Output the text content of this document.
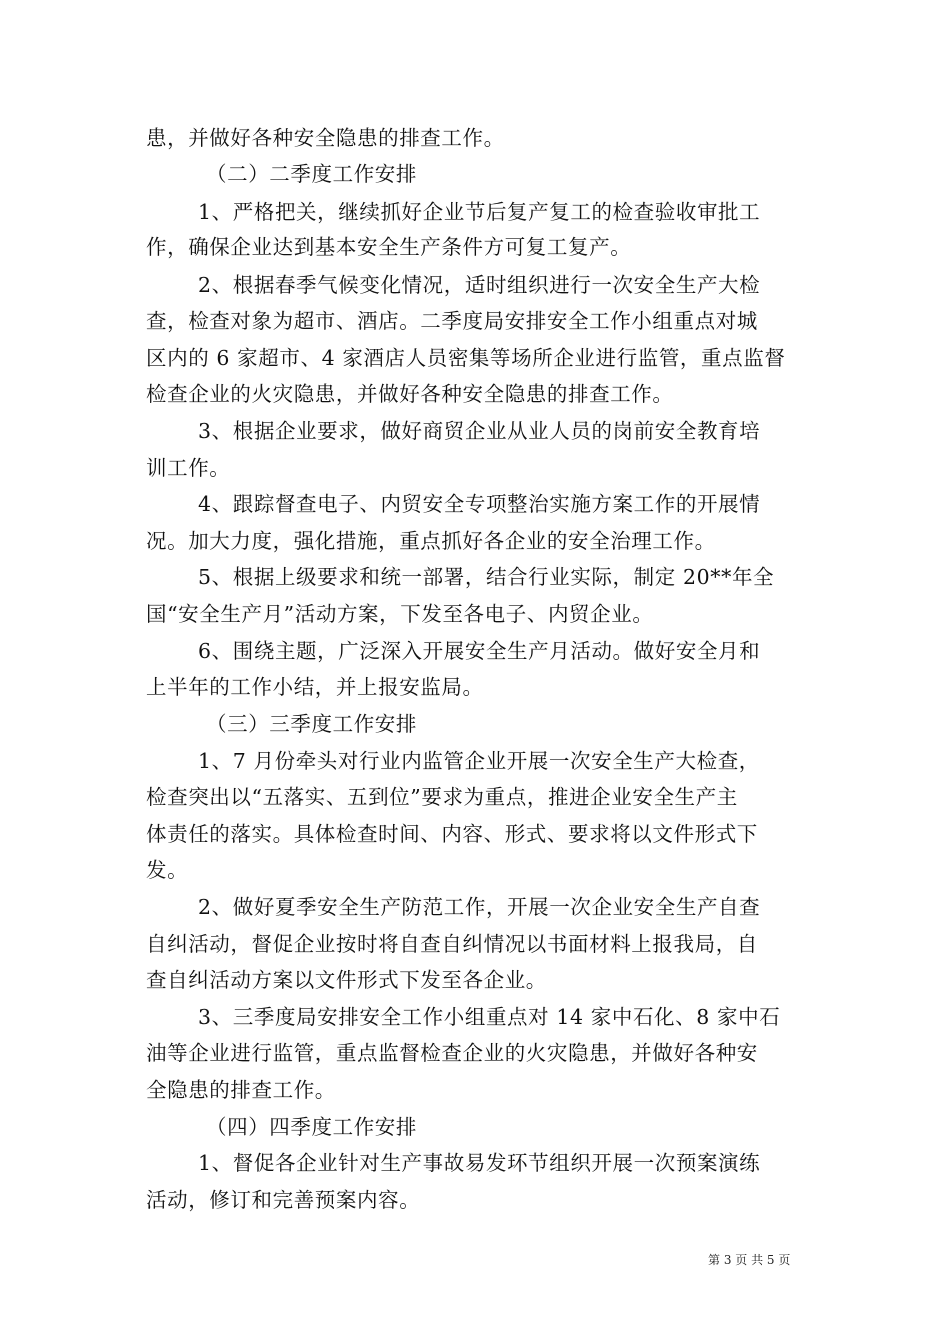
患，并做好各种安全隐患的排查工作。
（二）二季度工作安排
1、严格把关，继续抓好企业节后复产复工的检查验收审批工
作，确保企业达到基本安全生产条件方可复工复产。
2、根据春季气候变化情况，适时组织进行一次安全生产大检
查，检查对象为超市、酒店。二季度局安排安全工作小组重点对城
区内的 6 家超市、4 家酒店人员密集等场所企业进行监管，重点监督
检查企业的火灾隐患，并做好各种安全隐患的排查工作。
3、根据企业要求，做好商贸企业从业人员的岗前安全教育培
训工作。
4、跟踪督查电子、内贸安全专项整治实施方案工作的开展情
况。加大力度，强化措施，重点抓好各企业的安全治理工作。
5、根据上级要求和统一部署，结合行业实际，制定 20**年全
国“安全生产月”活动方案，下发至各电子、内贸企业。
6、围绕主题，广泛深入开展安全生产月活动。做好安全月和
上半年的工作小结，并上报安监局。
（三）三季度工作安排
1、7 月份牵头对行业内监管企业开展一次安全生产大检查，
检查突出以“五落实、五到位”要求为重点，推进企业安全生产主
体责任的落实。具体检查时间、内容、形式、要求将以文件形式下
发。
2、做好夏季安全生产防范工作，开展一次企业安全生产自查
自纠活动，督促企业按时将自查自纠情况以书面材料上报我局，自
查自纠活动方案以文件形式下发至各企业。
3、三季度局安排安全工作小组重点对 14 家中石化、8 家中石
油等企业进行监管，重点监督检查企业的火灾隐患，并做好各种安
全隐患的排查工作。
（四）四季度工作安排
1、督促各企业针对生产事故易发环节组织开展一次预案演练
活动，修订和完善预案内容。
第 3 页 共 5 页
